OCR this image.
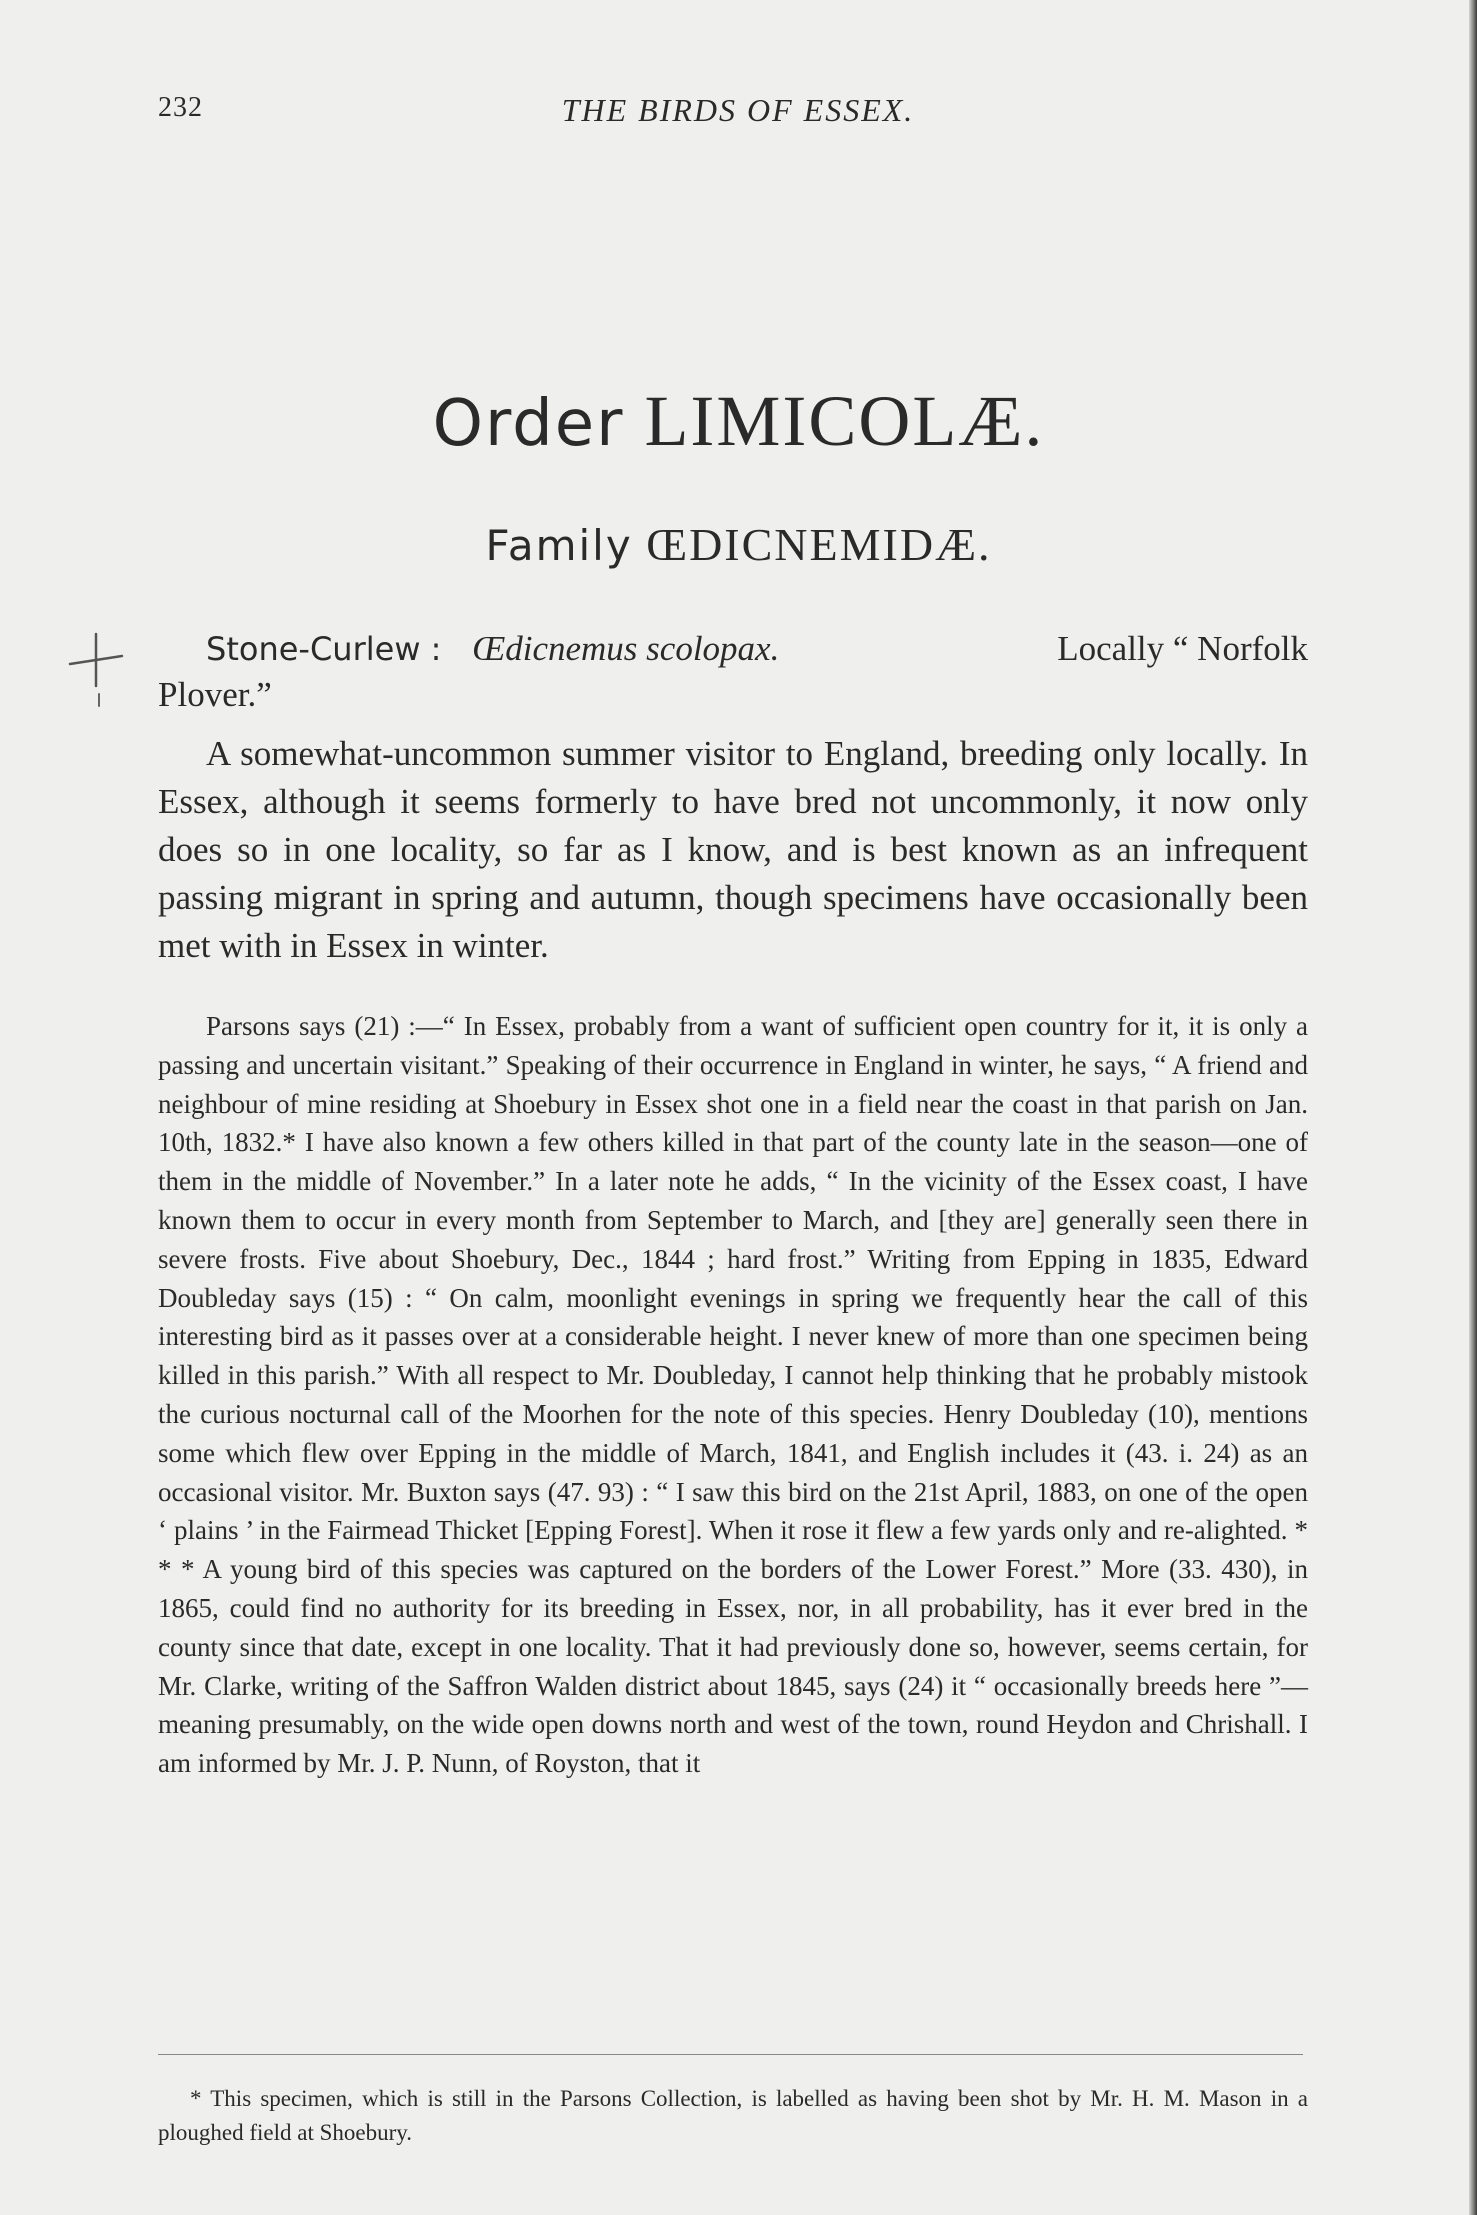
232	THE BIRDS OF ESSEX.
Order LIMICOLÆ.
Family ŒDICNEMIDÆ.
Stone-Curlew : Œdicnemus scolopax.	Locally “ Norfolk
Plover.”

A somewhat-uncommon summer visitor to England, breeding only locally. In Essex, although it seems formerly to have bred not uncommonly, it now only does so in one locality, so far as I know, and is best known as an infrequent passing migrant in spring and autumn, though specimens have occasionally been met with in Essex in winter.

Parsons says (21) :—“ In Essex, probably from a want of sufficient open country for it, it is only a passing and uncertain visitant.” Speaking of their occurrence in England in winter, he says, “ A friend and neighbour of mine residing at Shoebury in Essex shot one in a field near the coast in that parish on Jan. 10th, 1832.* I have also known a few others killed in that part of the county late in the season—one of them in the middle of November.” In a later note he adds, “ In the vicinity of the Essex coast, I have known them to occur in every month from September to March, and [they are] generally seen there in severe frosts. Five about Shoebury, Dec., 1844 ; hard frost.” Writing from Epping in 1835, Edward Doubleday says (15) : “ On calm, moonlight evenings in spring we frequently hear the call of this interesting bird as it passes over at a considerable height. I never knew of more than one specimen being killed in this parish.” With all respect to Mr. Doubleday, I cannot help thinking that he probably mistook the curious nocturnal call of the Moorhen for the note of this species. Henry Doubleday (10), mentions some which flew over Epping in the middle of March, 1841, and English includes it (43. i. 24) as an occasional visitor. Mr. Buxton says (47. 93) : “ I saw this bird on the 21st April, 1883, on one of the open ‘ plains ’ in the Fairmead Thicket [Epping Forest]. When it rose it flew a few yards only and re-alighted. * * * A young bird of this species was captured on the borders of the Lower Forest.” More (33. 430), in 1865, could find no authority for its breeding in Essex, nor, in all probability, has it ever bred in the county since that date, except in one locality. That it had previously done so, however, seems certain, for Mr. Clarke, writing of the Saffron Walden district about 1845, says (24) it “ occasionally breeds here ”—meaning presumably, on the wide open downs north and west of the town, round Heydon and Chrishall. I am informed by Mr. J. P. Nunn, of Royston, that it

* This specimen, which is still in the Parsons Collection, is labelled as having been shot by Mr. H. M. Mason in a ploughed field at Shoebury.
